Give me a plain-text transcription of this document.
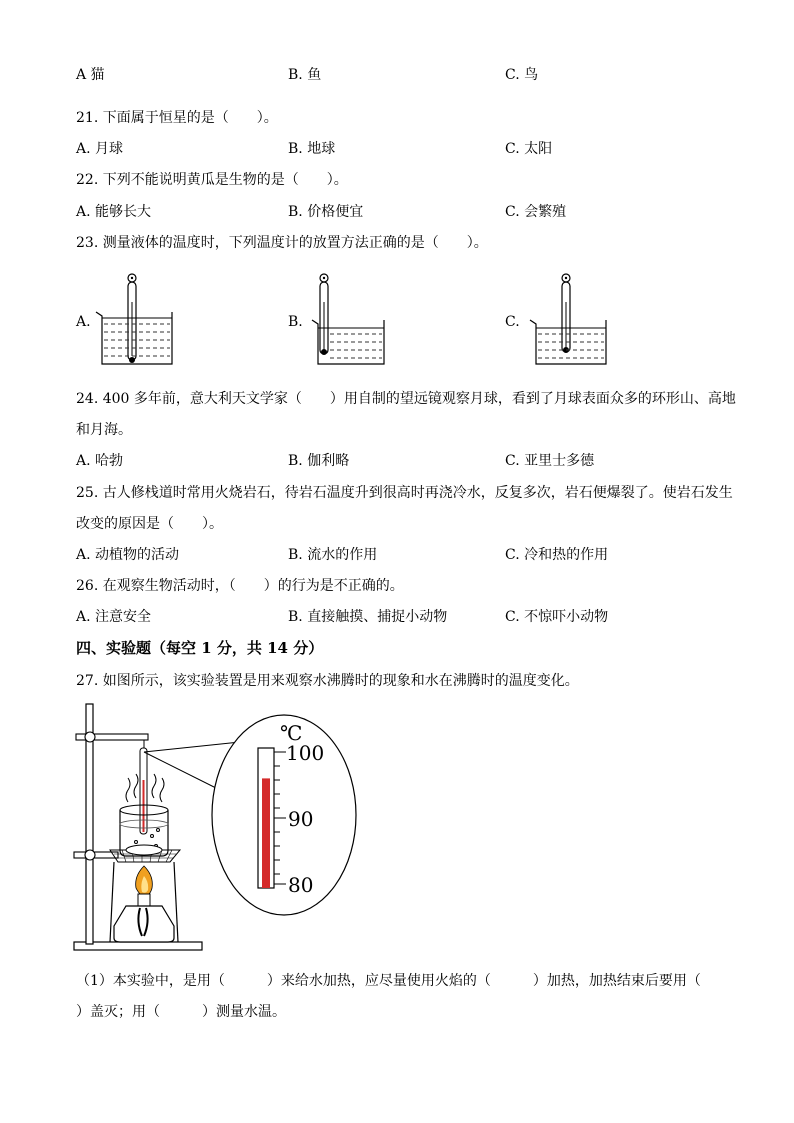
A 猫	B. 鱼	C. 鸟
21. 下面属于恒星的是（　　）。
A. 月球	B. 地球	C. 太阳
22. 下列不能说明黄瓜是生物的是（　　）。
A. 能够长大	B. 价格便宜	C. 会繁殖
23. 测量液体的温度时，下列温度计的放置方法正确的是（　　）。
A.	B.	C.
24. 400 多年前，意大利天文学家（　　）用自制的望远镜观察月球，看到了月球表面众多的环形山、高地
和月海。
A. 哈勃	B. 伽利略	C. 亚里士多德
25. 古人修栈道时常用火烧岩石，待岩石温度升到很高时再浇冷水，反复多次，岩石便爆裂了。使岩石发生
改变的原因是（　　）。
A. 动植物的活动	B. 流水的作用	C. 冷和热的作用
26. 在观察生物活动时，（　　）的行为是不正确的。
A. 注意安全	B. 直接触摸、捕捉小动物	C. 不惊吓小动物
四、实验题（每空 1 分，共 14 分）
27. 如图所示，该实验装置是用来观察水沸腾时的现象和水在沸腾时的温度变化。
℃
100
90
80
（1）本实验中，是用（　　　）来给水加热，应尽量使用火焰的（　　　）加热，加热结束后要用（
）盖灭；用（　　　）测量水温。
